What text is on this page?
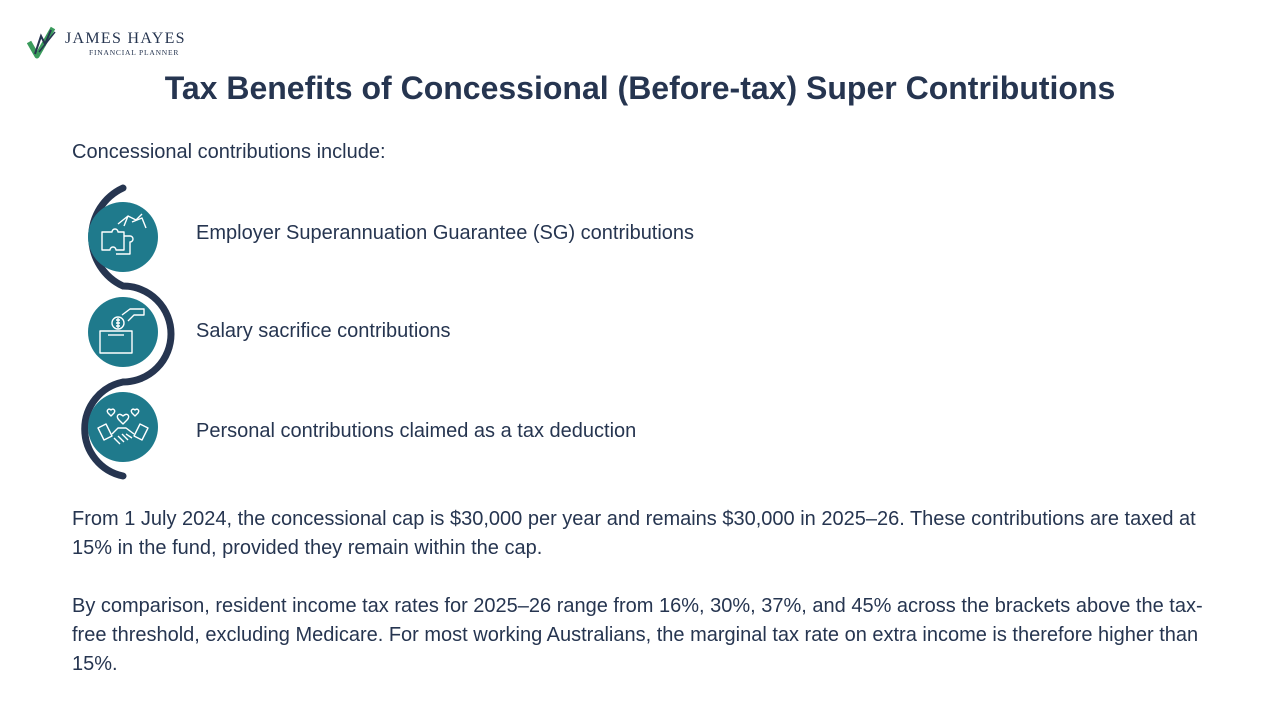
JAMES HAYES
FINANCIAL PLANNER
Tax Benefits of Concessional (Before-tax) Super Contributions

Concessional contributions include:

Employer Superannuation Guarantee (SG) contributions

Salary sacrifice contributions

Personal contributions claimed as a tax deduction

From 1 July 2024, the concessional cap is $30,000 per year and remains $30,000 in 2025–26. These contributions are taxed at 15% in the fund, provided they remain within the cap.

By comparison, resident income tax rates for 2025–26 range from 16%, 30%, 37%, and 45% across the brackets above the tax-free threshold, excluding Medicare. For most working Australians, the marginal tax rate on extra income is therefore higher than 15%.
